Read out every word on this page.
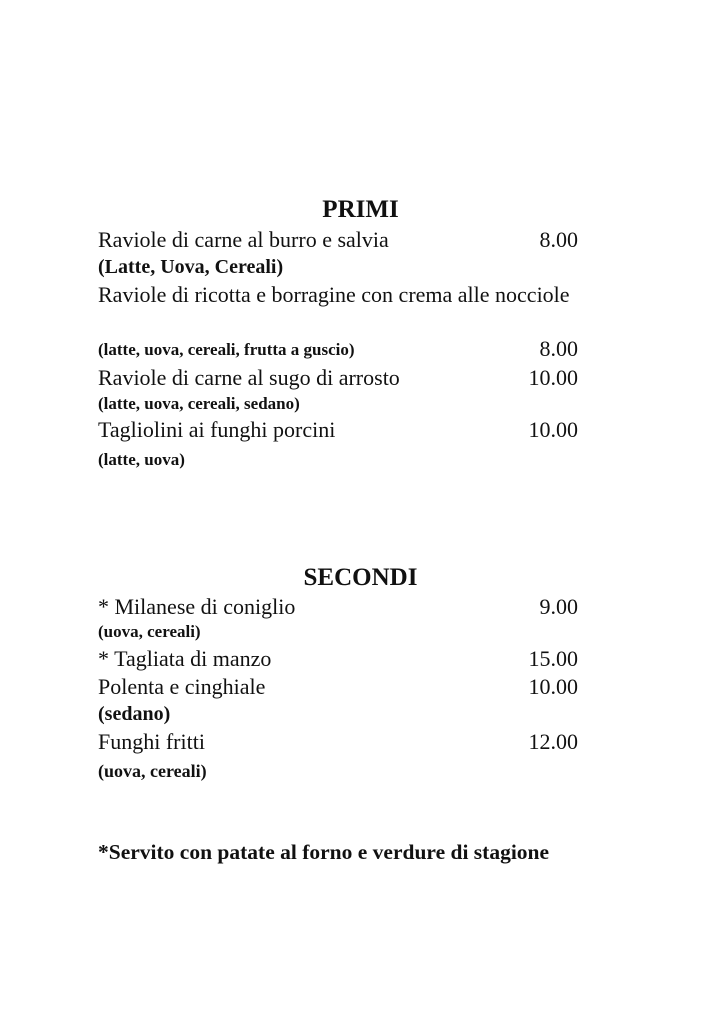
PRIMI
Raviole di carne al burro e salvia	8.00
(Latte, Uova, Cereali)
Raviole di ricotta e borragine con crema alle nocciole
(latte, uova, cereali, frutta a guscio)	8.00
Raviole di carne al sugo di arrosto	10.00
(latte, uova, cereali, sedano)
Tagliolini ai funghi porcini	10.00
(latte, uova)
SECONDI
* Milanese di coniglio	9.00
(uova, cereali)
* Tagliata di manzo	15.00
Polenta e cinghiale	10.00
(sedano)
Funghi fritti	12.00
(uova, cereali)
*Servito con patate al forno e verdure di stagione
